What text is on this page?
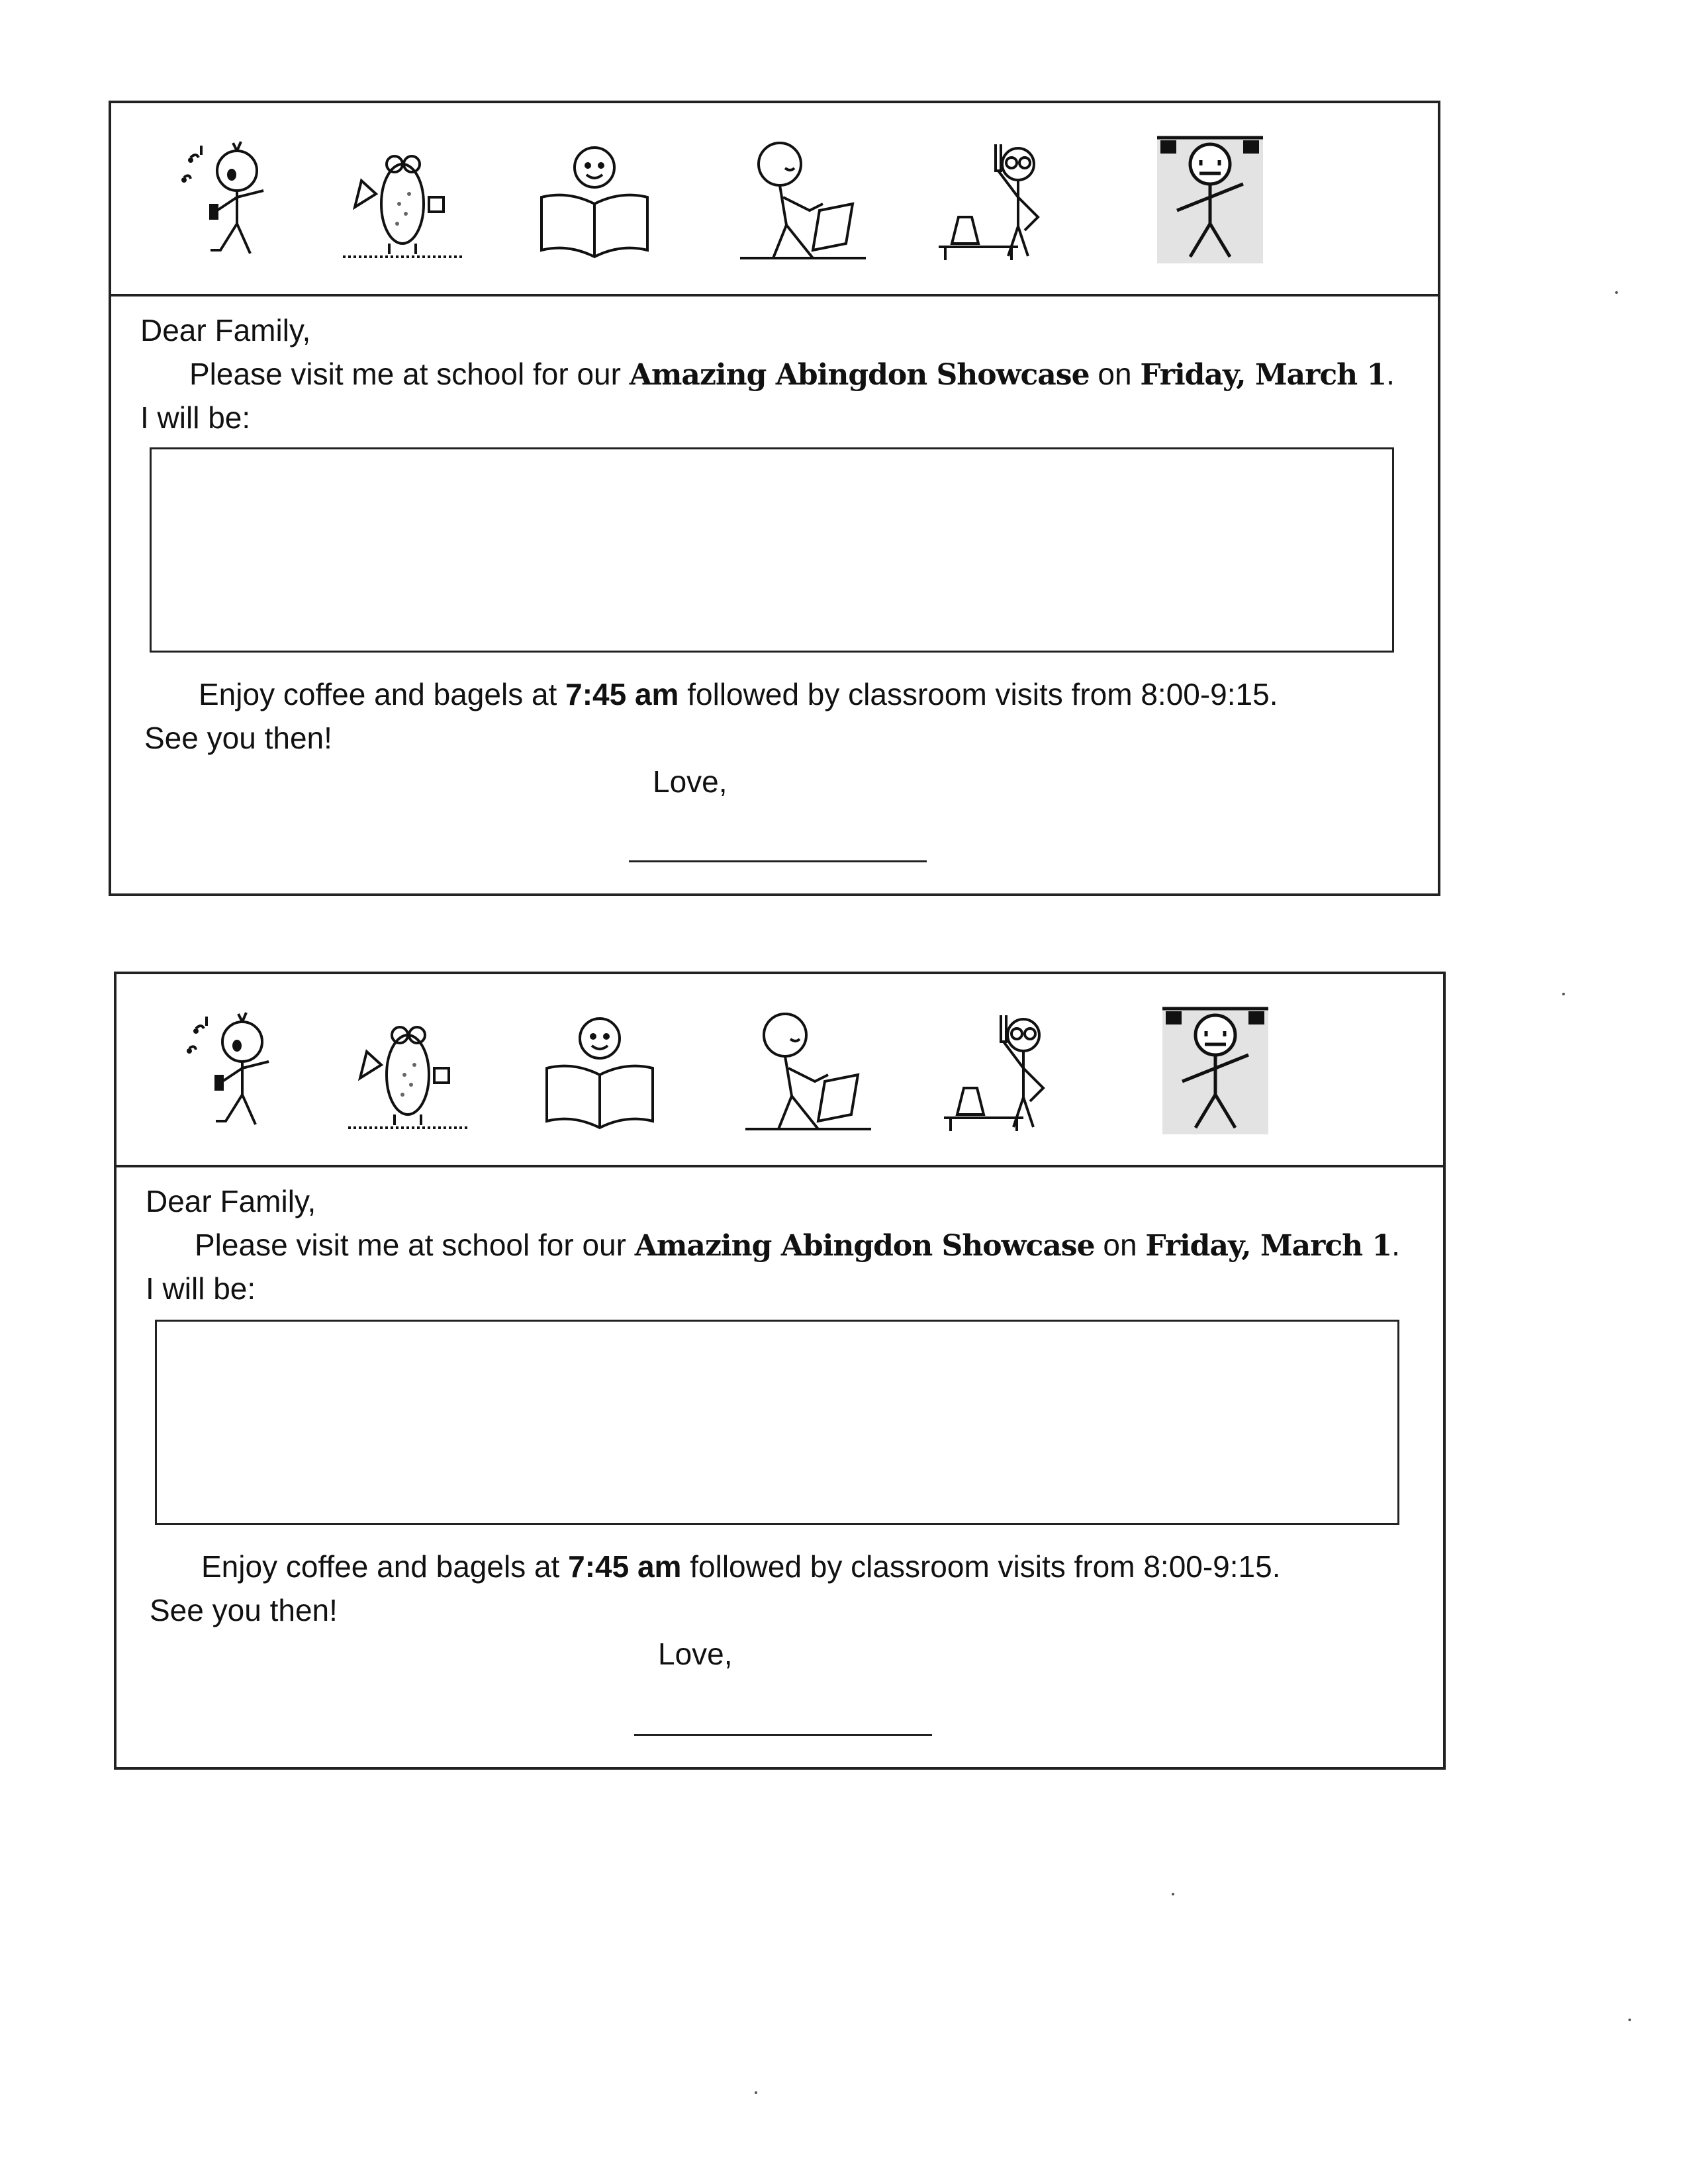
Dear Family,
Please visit me at school for our Amazing Abingdon Showcase on Friday, March 1.
I will be:
Enjoy coffee and bagels at 7:45 am followed by classroom visits from 8:00-9:15.
See you then!
Love,
Dear Family,
Please visit me at school for our Amazing Abingdon Showcase on Friday, March 1.
I will be:
Enjoy coffee and bagels at 7:45 am followed by classroom visits from 8:00-9:15.
See you then!
Love,
